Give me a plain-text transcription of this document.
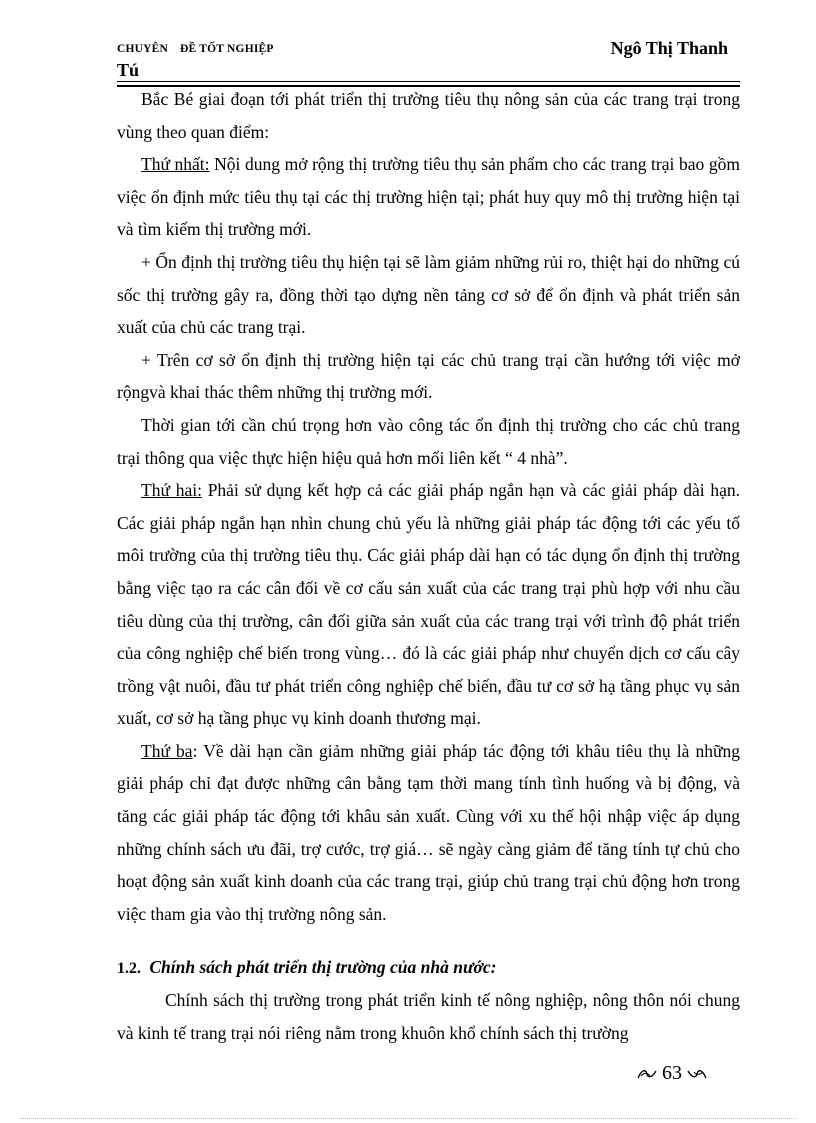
CHUYÊN ĐỀ TỐT NGHIỆP	Ngô Thị Thanh
Tú

Bắc Bé giai đoạn tới phát triển thị trường tiêu thụ nông sản của các trang trại trong vùng theo quan điểm:

Thứ nhất: Nội dung mở rộng thị trường tiêu thụ sản phẩm cho các trang trại bao gồm việc ổn định mức tiêu thụ tại các thị trường hiện tại; phát huy quy mô thị trường hiện tại và tìm kiếm thị trường mới.

+ Ổn định thị trường tiêu thụ hiện tại sẽ làm giảm những rủi ro, thiệt hại do những cú sốc thị trường gây ra, đồng thời tạo dựng nền tảng cơ sở để ổn định và phát triển sản xuất của chủ các trang trại.

+ Trên cơ sở ổn định thị trường hiện tại các chủ trang trại cần hướng tới việc mở rộngvà khai thác thêm những thị trường mới.

Thời gian tới cần chú trọng hơn vào công tác ổn định thị trường cho các chủ trang trại thông qua việc thực hiện hiệu quả hơn mối liên kết “ 4 nhà”.

Thứ hai: Phải sử dụng kết hợp cả các giải pháp ngắn hạn và các giải pháp dài hạn. Các giải pháp ngắn hạn nhìn chung chủ yếu là những giải pháp tác động tới các yếu tố môi trường của thị trường tiêu thụ. Các giải pháp dài hạn có tác dụng ổn định thị trường bằng việc tạo ra các cân đối về cơ cấu sản xuất của các trang trại phù hợp với nhu cầu tiêu dùng của thị trường, cân đối giữa sản xuất của các trang trại với trình độ phát triển của công nghiệp chế biến trong vùng… đó là các giải pháp như chuyển dịch cơ cấu cây trồng vật nuôi, đầu tư phát triển công nghiệp chế biến, đầu tư cơ sở hạ tầng phục vụ sản xuất, cơ sở hạ tầng phục vụ kinh doanh thương mại.

Thứ ba: Về dài hạn cần giảm những giải pháp tác động tới khâu tiêu thụ là những giải pháp chỉ đạt được những cân bằng tạm thời mang tính tình huống và bị động, và tăng các giải pháp tác động tới khâu sản xuất. Cùng với xu thế hội nhập việc áp dụng những chính sách ưu đãi, trợ cước, trợ giá… sẽ ngày càng giảm để tăng tính tự chủ cho hoạt động sản xuất kinh doanh của các trang trại, giúp chủ trang trại chủ động hơn trong việc tham gia vào thị trường nông sản.

1.2. Chính sách phát triển thị trường của nhà nước:

Chính sách thị trường trong phát triển kinh tế nông nghiệp, nông thôn nói chung và kinh tế trang trại nói riêng nằm trong khuôn khổ chính sách thị trường

63
